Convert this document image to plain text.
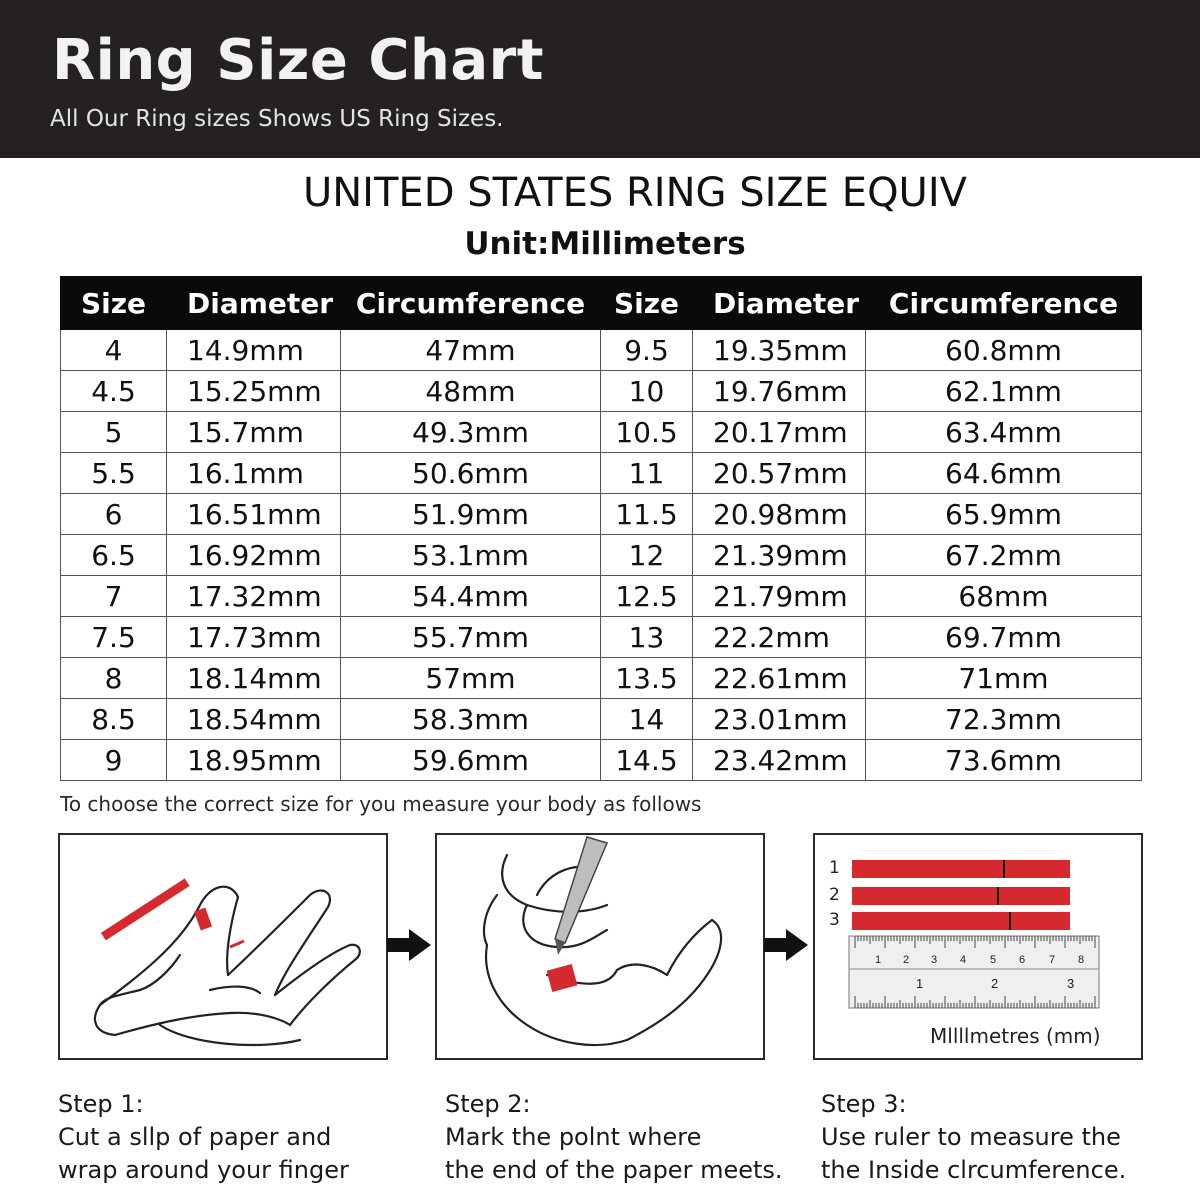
Ring Size Chart
All Our Ring sizes Shows US Ring Sizes.
UNITED STATES RING SIZE EQUIV
Unit:Millimeters
Size	Diameter	Circumference	Size	Diameter	Circumference
4	14.9mm	47mm	9.5	19.35mm	60.8mm
4.5	15.25mm	48mm	10	19.76mm	62.1mm
5	15.7mm	49.3mm	10.5	20.17mm	63.4mm
5.5	16.1mm	50.6mm	11	20.57mm	64.6mm
6	16.51mm	51.9mm	11.5	20.98mm	65.9mm
6.5	16.92mm	53.1mm	12	21.39mm	67.2mm
7	17.32mm	54.4mm	12.5	21.79mm	68mm
7.5	17.73mm	55.7mm	13	22.2mm	69.7mm
8	18.14mm	57mm	13.5	22.61mm	71mm
8.5	18.54mm	58.3mm	14	23.01mm	72.3mm
9	18.95mm	59.6mm	14.5	23.42mm	73.6mm
To choose the correct size for you measure your body as follows
1 2 3 4 5 6 7 8
1	2	3
1
2
3
Mllllmetres (mm)
Step 1:
Cut a sllp of paper and
wrap around your finger
Step 2:
Mark the polnt where
the end of the paper meets.
Step 3:
Use ruler to measure the
the Inside clrcumference.
